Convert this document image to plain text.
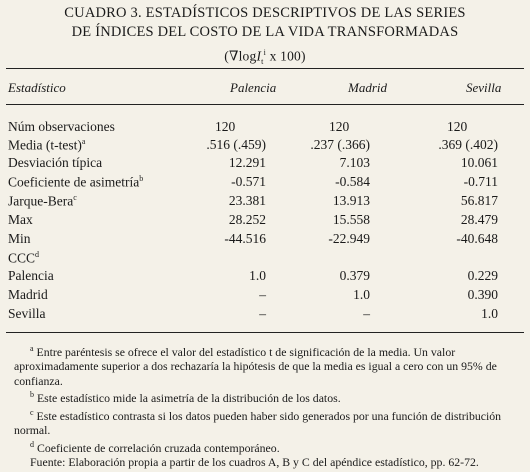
CUADRO 3. ESTADÍSTICOS DESCRIPTIVOS DE LAS SERIES
DE ÍNDICES DEL COSTO DE LA VIDA TRANSFORMADAS
(∇logI$_t^i$ x 100)
Estadístico	Palencia	Madrid	Sevilla
Núm observaciones	120	120	120
Media (t-test)$^a$	.516 (.459)	.237 (.366)	.369 (.402)
Desviación típica	12.291	7.103	10.061
Coeficiente de asimetría$^b$	-0.571	-0.584	-0.711
Jarque-Bera$^c$	23.381	13.913	56.817
Max	28.252	15.558	28.479
Min	-44.516	-22.949	-40.648
CCC$^d$
Palencia	1.0	0.379	0.229
Madrid	–	1.0	0.390
Sevilla	–	–	1.0

$^a$ Entre paréntesis se ofrece el valor del estadístico t de significación de la media. Un valor aproximadamente superior a dos rechazaría la hipótesis de que la media es igual a cero con un 95% de confianza.

$^b$ Este estadístico mide la asimetría de la distribución de los datos.

$^c$ Este estadístico contrasta si los datos pueden haber sido generados por una función de distribución normal.

$^d$ Coeficiente de correlación cruzada contemporáneo.

Fuente: Elaboración propia a partir de los cuadros A, B y C del apéndice estadístico, pp. 62-72.
